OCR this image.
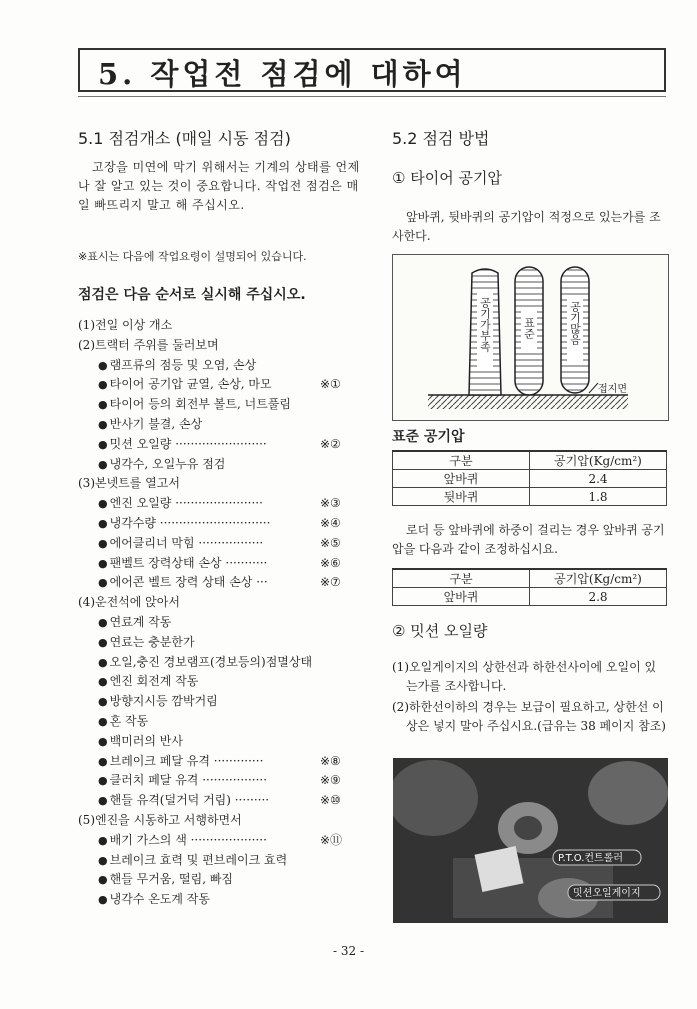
5. 작업전 점검에 대하여
5.1 점검개소 (매일 시동 점검)
고장을 미연에 막기 위해서는 기계의 상태를 언제나 잘 알고 있는 것이 중요합니다. 작업전 점검은 매일 빠뜨리지 말고 해 주십시오.
※표시는 다음에 작업요령이 설명되어 있습니다.
점검은 다음 순서로 실시해 주십시오.
(1)전일 이상 개소
(2)트랙터 주위를 둘러보며
● 램프류의 점등 및 오염, 손상
● 타이어 공기압 균열, 손상, 마모	※①
● 타이어 등의 회전부 볼트, 너트풀림
● 반사기 불결, 손상
● 밋션 오일량 ························	※②
● 냉각수, 오일누유 점검
(3)본넷트를 열고서
● 엔진 오일량 ·······················	※③
● 냉각수량 ·····························	※④
● 에어클리너 막힘 ·················	※⑤
● 팬벨트 장력상태 손상 ···········	※⑥
● 에어콘 벨트 장력 상태 손상 ···	※⑦
(4)운전석에 앉아서
● 연료계 작동
● 연료는 충분한가
● 오일,충진 경보램프(경보등의)점멸상태
● 엔진 회전계 작동
● 방향지시등 깜박거림
● 혼 작동
● 백미러의 반사
● 브레이크 페달 유격 ·············	※⑧
● 클러치 페달 유격 ·················	※⑨
● 핸들 유격(덜거덕 거림) ·········	※⑩
(5)엔진을 시동하고 서행하면서
● 배기 가스의 색 ····················	※⑪
● 브레이크 효력 및 편브레이크 효력
● 핸들 무거움, 떨림, 빠짐
● 냉각수 온도계 작동
5.2 점검 방법
① 타이어 공기압
앞바퀴, 뒷바퀴의 공기압이 적정으로 있는가를 조사한다.
공기가부족	표준	공기많음
접지면
표준 공기압
구분	공기압(Kg/cm²)
앞바퀴	2.4
뒷바퀴	1.8
로더 등 앞바퀴에 하중이 걸리는 경우 앞바퀴 공기압을 다음과 같이 조정하십시요.
구분	공기압(Kg/cm²)
앞바퀴	2.8
② 밋션 오일량
(1)오일게이지의 상한선과 하한선사이에 오일이 있는가를 조사합니다.
(2)하한선이하의 경우는 보급이 필요하고, 상한선 이상은 넣지 말아 주십시요.(급유는 38 페이지 참조)
P.T.O.컨트롤러
밋션오일게이지
- 32 -
